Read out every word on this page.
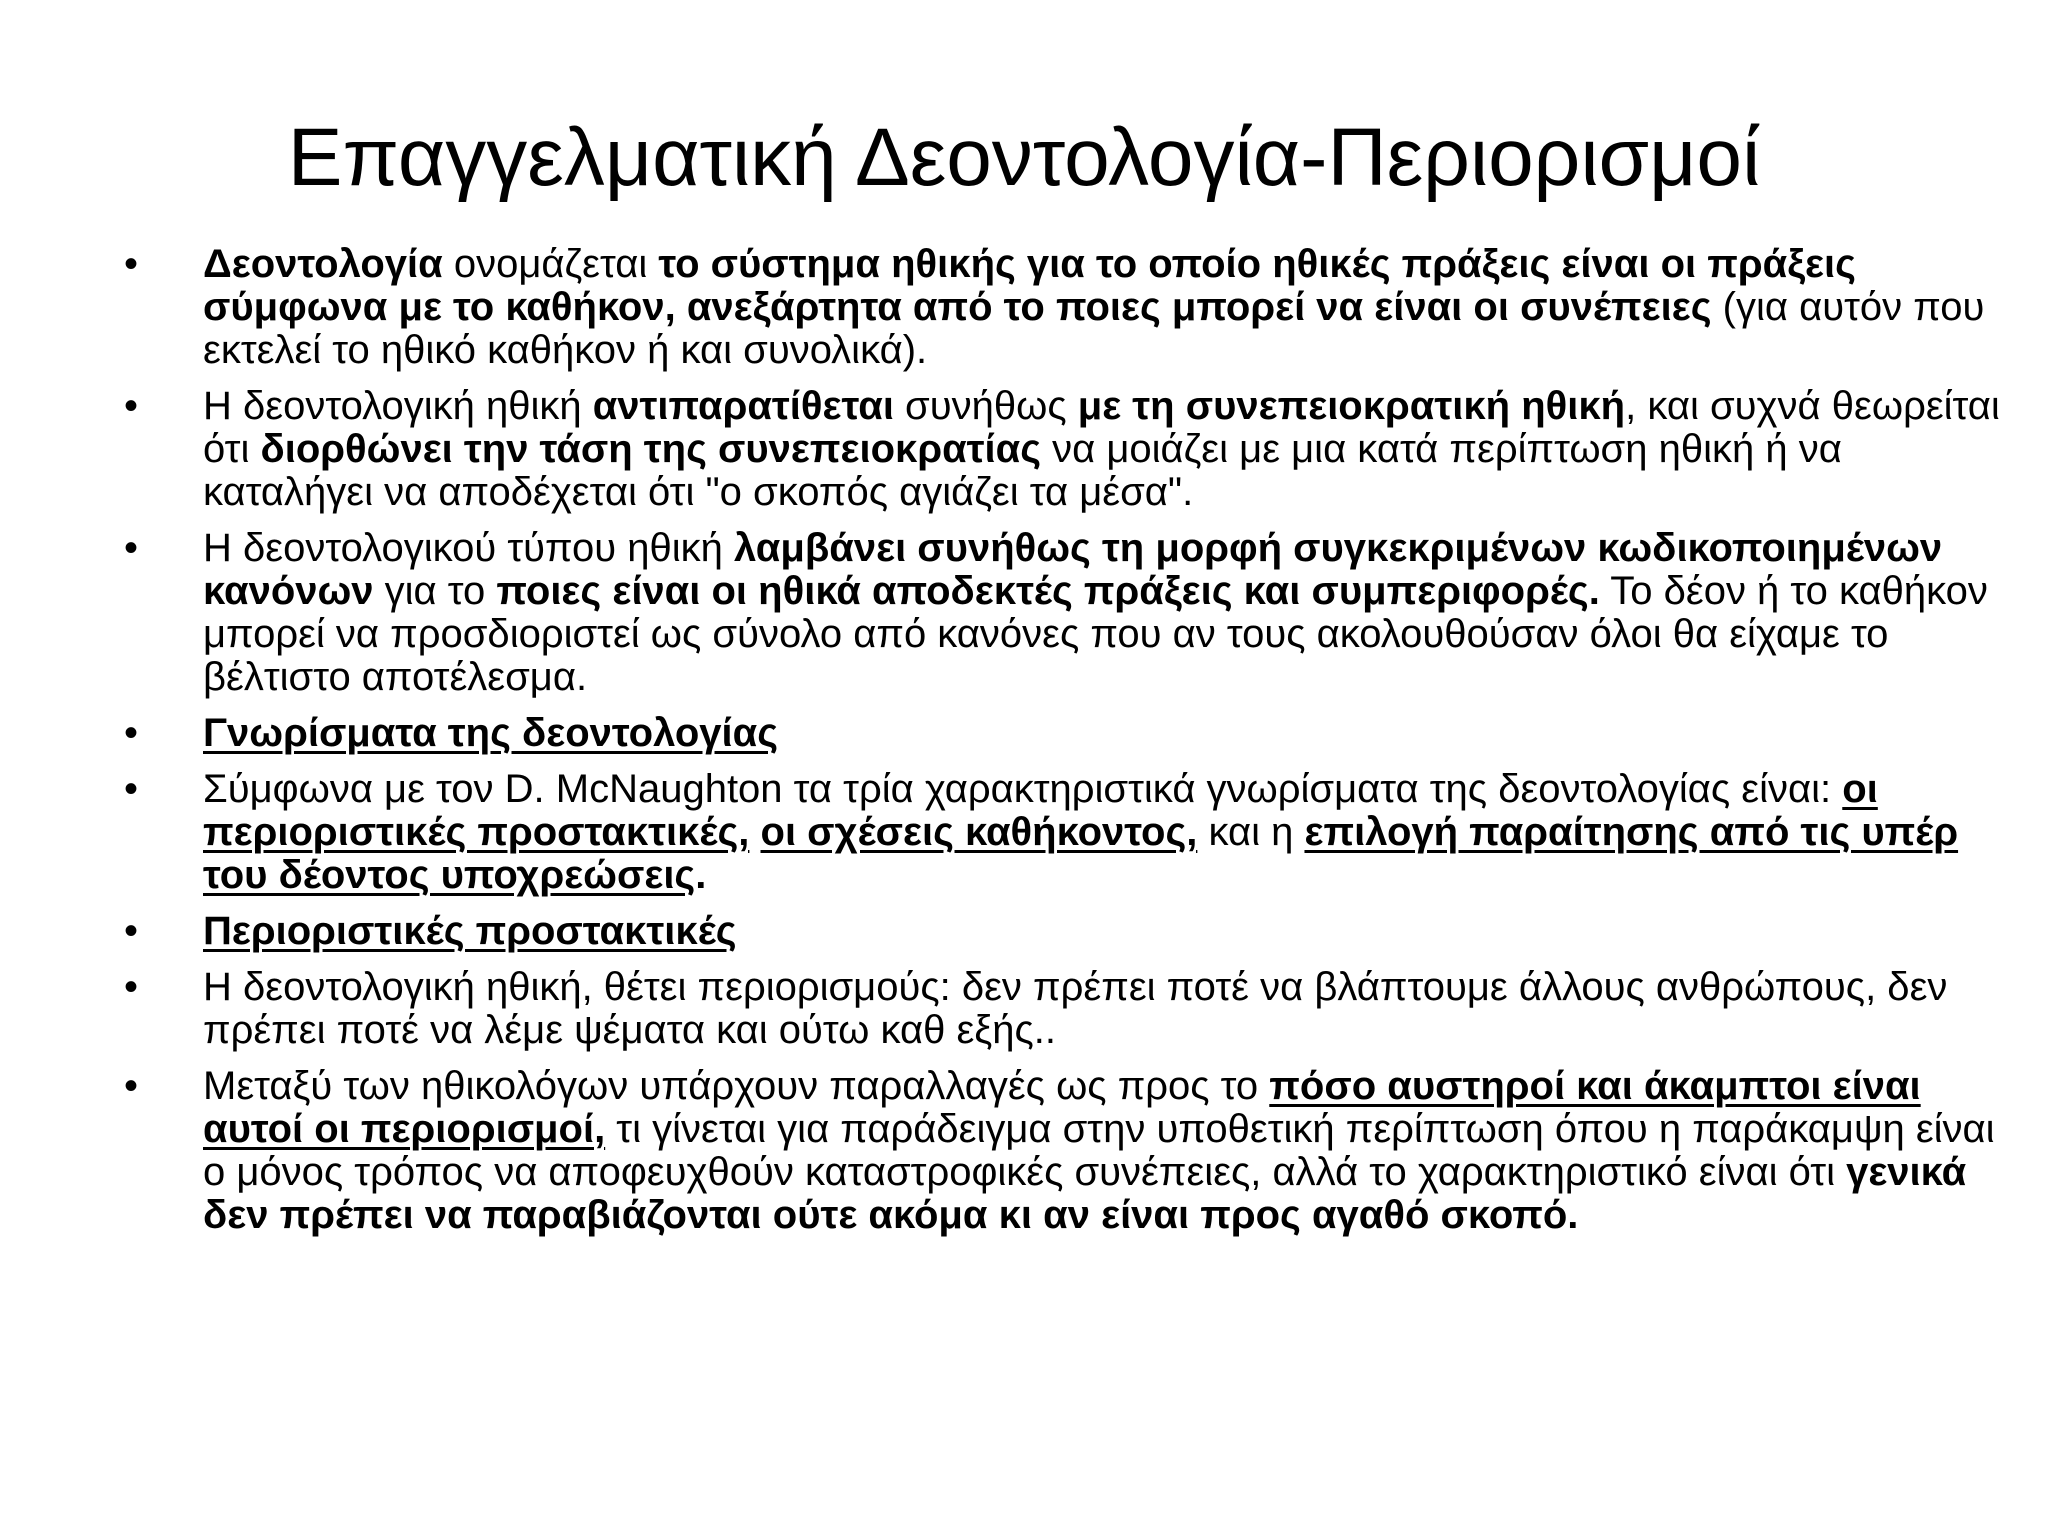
Επαγγελματική Δεοντολογία-Περιορισμοί
• Δεοντολογία ονομάζεται το σύστημα ηθικής για το οποίο ηθικές πράξεις είναι οι πράξεις σύμφωνα με το καθήκον, ανεξάρτητα από το ποιες μπορεί να είναι οι συνέπειες (για αυτόν που εκτελεί το ηθικό καθήκον ή και συνολικά).
• Η δεοντολογική ηθική αντιπαρατίθεται συνήθως με τη συνεπειοκρατική ηθική, και συχνά θεωρείται ότι διορθώνει την τάση της συνεπειοκρατίας να μοιάζει με μια κατά περίπτωση ηθική ή να καταλήγει να αποδέχεται ότι "ο σκοπός αγιάζει τα μέσα".
• Η δεοντολογικού τύπου ηθική λαμβάνει συνήθως τη μορφή συγκεκριμένων κωδικοποιημένων κανόνων για το ποιες είναι οι ηθικά αποδεκτές πράξεις και συμπεριφορές. Το δέον ή το καθήκον μπορεί να προσδιοριστεί ως σύνολο από κανόνες που αν τους ακολουθούσαν όλοι θα είχαμε το βέλτιστο αποτέλεσμα.
• Γνωρίσματα της δεοντολογίας
• Σύμφωνα με τον D. McNaughton τα τρία χαρακτηριστικά γνωρίσματα της δεοντολογίας είναι: οι περιοριστικές προστακτικές, οι σχέσεις καθήκοντος, και η επιλογή παραίτησης από τις υπέρ του δέοντος υποχρεώσεις.
• Περιοριστικές προστακτικές
• Η δεοντολογική ηθική, θέτει περιορισμούς: δεν πρέπει ποτέ να βλάπτουμε άλλους ανθρώπους, δεν πρέπει ποτέ να λέμε ψέματα και ούτω καθ εξής..
• Μεταξύ των ηθικολόγων υπάρχουν παραλλαγές ως προς το πόσο αυστηροί και άκαμπτοι είναι αυτοί οι περιορισμοί, τι γίνεται για παράδειγμα στην υποθετική περίπτωση όπου η παράκαμψη είναι ο μόνος τρόπος να αποφευχθούν καταστροφικές συνέπειες, αλλά το χαρακτηριστικό είναι ότι γενικά δεν πρέπει να παραβιάζονται ούτε ακόμα κι αν είναι προς αγαθό σκοπό.
